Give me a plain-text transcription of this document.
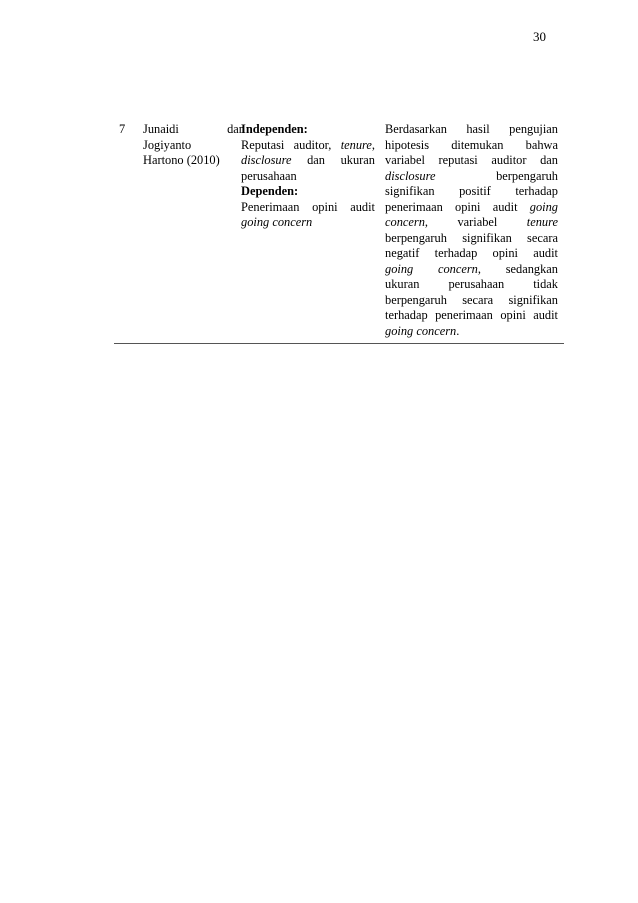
30
7	Junaidi dan
Jogiyanto
Hartono (2010)
Independen:
Reputasi auditor, tenure,
disclosure dan ukuran
perusahaan
Dependen:
Penerimaan opini audit
going concern
Berdasarkan hasil pengujian
hipotesis ditemukan bahwa
variabel reputasi auditor dan
disclosure berpengaruh
signifikan positif terhadap
penerimaan opini audit going
concern, variabel tenure
berpengaruh signifikan secara
negatif terhadap opini audit
going concern, sedangkan
ukuran perusahaan tidak
berpengaruh secara signifikan
terhadap penerimaan opini audit
going concern.
